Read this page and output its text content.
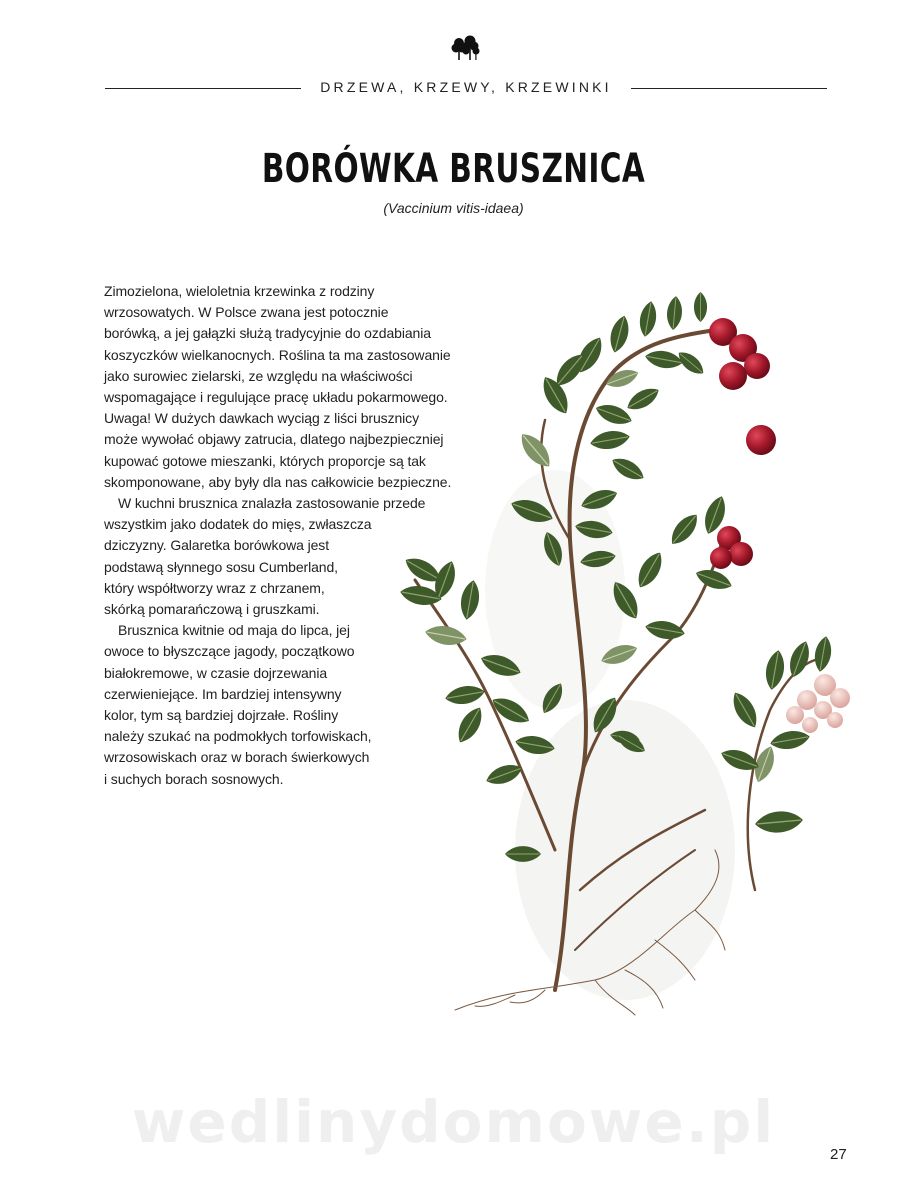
DRZEWA, KRZEWY, KRZEWINKI
BORÓWKA BRUSZNICA
(Vaccinium vitis-idaea)
Zimozielona, wieloletnia krzewinka z rodziny
wrzosowatych. W Polsce zwana jest potocznie
borówką, a jej gałązki służą tradycyjnie do ozdabiania
koszyczków wielkanocnych. Roślina ta ma zastosowanie
jako surowiec zielarski, ze względu na właściwości
wspomagające i regulujące pracę układu pokarmowego.
Uwaga! W dużych dawkach wyciąg z liści brusznicy
może wywołać objawy zatrucia, dlatego najbezpieczniej
kupować gotowe mieszanki, których proporcje są tak
skomponowane, aby były dla nas całkowicie bezpieczne.
W kuchni brusznica znalazła zastosowanie przede
wszystkim jako dodatek do mięs, zwłaszcza
dziczyzny. Galaretka borówkowa jest
podstawą słynnego sosu Cumberland,
który współtworzy wraz z chrzanem,
skórką pomarańczową i gruszkami.
Brusznica kwitnie od maja do lipca, jej
owoce to błyszczące jagody, początkowo
białokremowe, w czasie dojrzewania
czerwieniejące. Im bardziej intensywny
kolor, tym są bardziej dojrzałe. Rośliny
należy szukać na podmokłych torfowiskach,
wrzosowiskach oraz w borach świerkowych
i suchych borach sosnowych.
wedlinydomowe.pl	27
